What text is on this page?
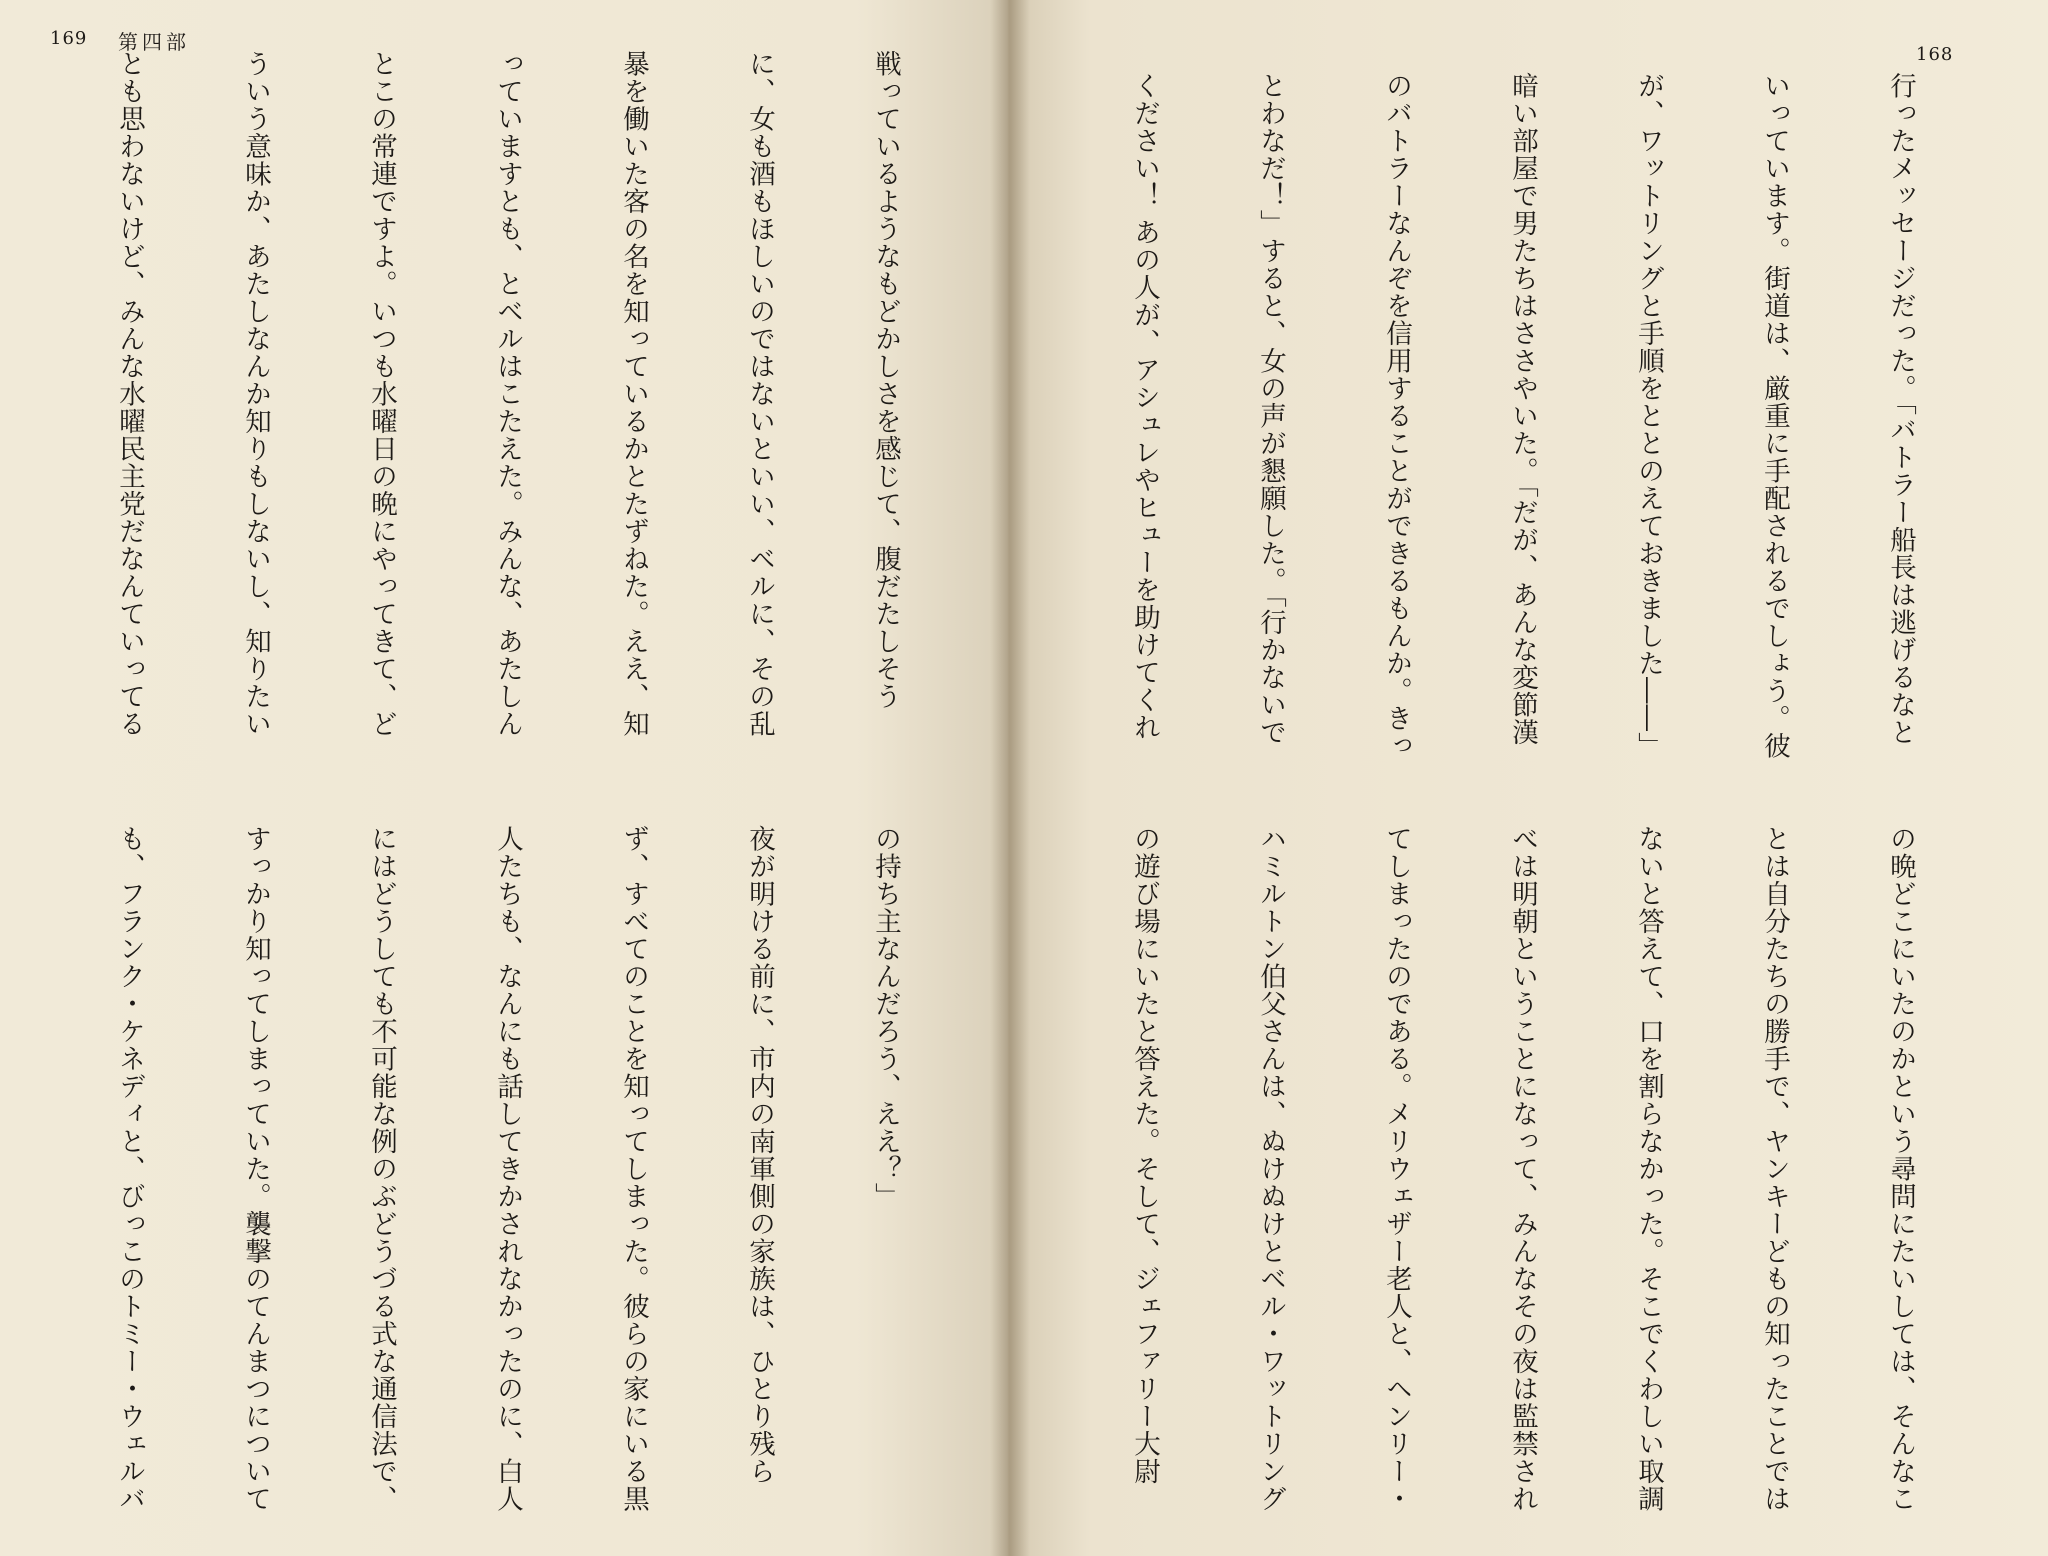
169 第四部

戦っているようなもどかしさを感じて、腹だたしそう

に、女も酒もほしいのではないといい、ベルに、その乱

暴を働いた客の名を知っているかとたずねた。ええ、知

っていますとも、とベルはこたえた。みんな、あたしん

とこの常連ですよ。いつも水曜日の晩にやってきて、ど

ういう意味か、あたしなんか知りもしないし、知りたい

とも思わないけど、みんな水曜民主党だなんていってる

の持ち主なんだろう、ええ？」

夜が明ける前に、市内の南軍側の家族は、ひとり残ら

ず、すべてのことを知ってしまった。彼らの家にいる黒

人たちも、なんにも話してきかされなかったのに、白人

にはどうしても不可能な例のぶどうづる式な通信法で、

すっかり知ってしまっていた。襲撃のてんまつについて

も、フランク・ケネディと、びっこのトミー・ウェルバ

168

行ったメッセージだった。「バトラー船長は逃げるなと

いっています。街道は、厳重に手配されるでしょう。彼

が、ワットリングと手順をととのえておきました――」

暗い部屋で男たちはささやいた。「だが、あんな変節漢

のバトラーなんぞを信用することができるもんか。きっ

とわなだ！」すると、女の声が懇願した。「行かないで

ください！ あの人が、アシュレやヒューを助けてくれ

の晩どこにいたのかという尋問にたいしては、そんなこ

とは自分たちの勝手で、ヤンキーどもの知ったことでは

ないと答えて、口を割らなかった。そこでくわしい取調

べは明朝ということになって、みんなその夜は監禁され

てしまったのである。メリウェザー老人と、ヘンリー・

ハミルトン伯父さんは、ぬけぬけとベル・ワットリング

の遊び場にいたと答えた。そして、ジェファリー大尉
